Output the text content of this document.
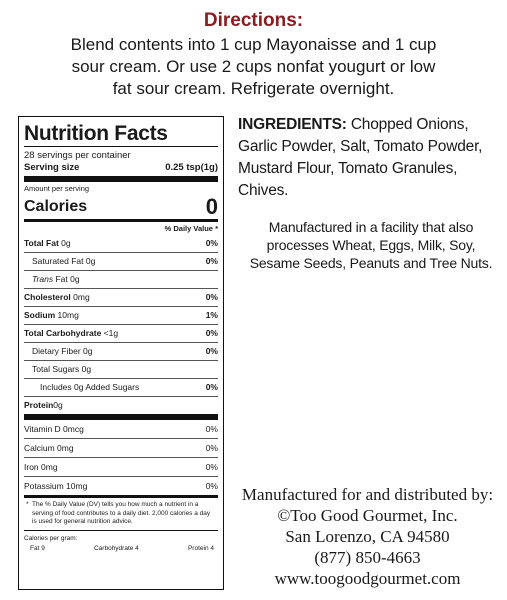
Directions:
Blend contents into 1 cup Mayonaisse and 1 cup
sour cream. Or use 2 cups nonfat yougurt or low
fat sour cream. Refrigerate overnight.
Nutrition Facts
28 servings per container
Serving size	0.25 tsp(1g)
Amount per serving
Calories	0
% Daily Value *
Total Fat 0g	0%
Saturated Fat 0g	0%
Trans Fat 0g
Cholesterol 0mg	0%
Sodium 10mg	1%
Total Carbohydrate <1g	0%
Dietary Fiber 0g	0%
Total Sugars 0g
Includes 0g Added Sugars	0%
Protein0g
Vitamin D 0mcg	0%
Calcium 0mg	0%
Iron 0mg	0%
Potassium 10mg	0%
* The % Daily Value (DV) tells you how much a nutrient in a serving of food contributes to a daily diet. 2,000 calories a day is used for general nutrition advice.
Calories per gram:
Fat 9	Carbohydrate 4	Protein 4
INGREDIENTS: Chopped Onions, Garlic Powder, Salt, Tomato Powder, Mustard Flour, Tomato Granules, Chives.
Manufactured in a facility that also processes Wheat, Eggs, Milk, Soy, Sesame Seeds, Peanuts and Tree Nuts.
Manufactured for and distributed by:
©Too Good Gourmet, Inc.
San Lorenzo, CA 94580
(877) 850-4663
www.toogoodgourmet.com
